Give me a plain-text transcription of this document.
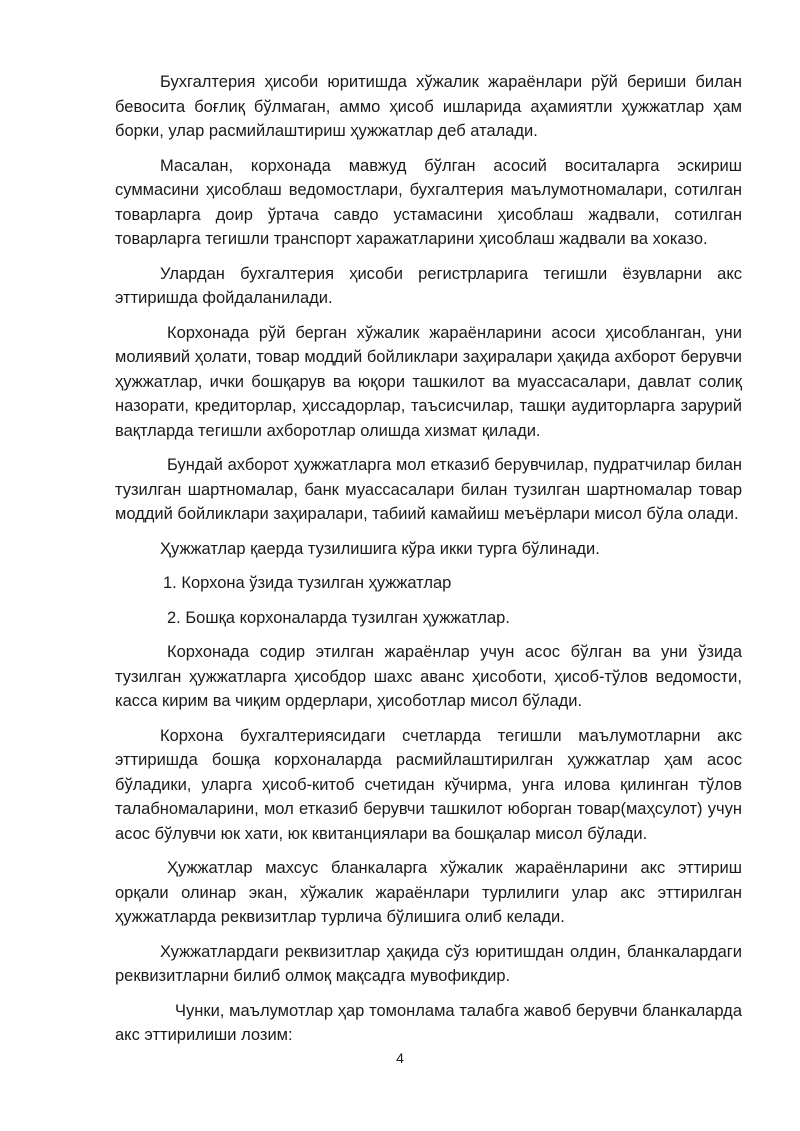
Бухгалтерия ҳисоби юритишда хўжалик жараёнлари рўй бериши билан бевосита боғлиқ бўлмаган, аммо ҳисоб ишларида аҳамиятли ҳужжатлар ҳам борки, улар расмийлаштириш ҳужжатлар деб аталади.

Масалан, корхонада мавжуд бўлган асосий воситаларга эскириш суммасини ҳисоблаш ведомостлари, бухгалтерия маълумотномалари, сотилган товарларга доир ўртача савдо устамасини ҳисоблаш жадвали, сотилган товарларга тегишли транспорт харажатларини ҳисоблаш жадвали ва хоказо.

Улардан бухгалтерия ҳисоби регистрларига тегишли ёзувларни акс эттиришда фойдаланилади.

Корхонада рўй берган хўжалик жараёнларини асоси ҳисобланган, уни молиявий ҳолати, товар моддий бойликлари заҳиралари ҳақида ахборот берувчи ҳужжатлар, ички бошқарув ва юқори ташкилот ва муассасалари, давлат солиқ назорати, кредиторлар, ҳиссадорлар, таъсисчилар, ташқи аудиторларга зарурий вақтларда тегишли ахборотлар олишда хизмат қилади.

Бундай ахборот ҳужжатларга мол етказиб берувчилар, пудратчилар билан тузилган шартномалар, банк муассасалари билан тузилган шартномалар товар моддий бойликлари заҳиралари, табиий камайиш меъёрлари мисол бўла олади.

Ҳужжатлар қаерда тузилишига кўра икки турга бўлинади.

1. Корхона ўзида тузилган ҳужжатлар

2. Бошқа корхоналарда тузилган ҳужжатлар.

Корхонада содир этилган жараёнлар учун асос бўлган ва уни ўзида тузилган ҳужжатларга ҳисобдор шахс аванс ҳисоботи, ҳисоб-тўлов ведомости, касса кирим ва чиқим ордерлари, ҳисоботлар мисол бўлади.

Корхона бухгалтериясидаги счетларда тегишли маълумотларни акс эттиришда бошқа корхоналарда расмийлаштирилган ҳужжатлар ҳам асос бўладики, уларга ҳисоб-китоб счетидан кўчирма, унга илова қилинган тўлов талабномаларини, мол етказиб берувчи ташкилот юборган товар(маҳсулот) учун асос бўлувчи юк хати, юк квитанциялари ва бошқалар мисол бўлади.

Ҳужжатлар махсус бланкаларга хўжалик жараёнларини акс эттириш орқали олинар экан, хўжалик жараёнлари турлилиги улар акс эттирилган ҳужжатларда реквизитлар турлича бўлишига олиб келади.

Хужжатлардаги реквизитлар ҳақида сўз юритишдан олдин, бланкалардаги реквизитларни билиб олмоқ мақсадга мувофикдир.

Чунки, маълумотлар ҳар томонлама талабга жавоб берувчи бланкаларда акс эттирилиши лозим:

4
